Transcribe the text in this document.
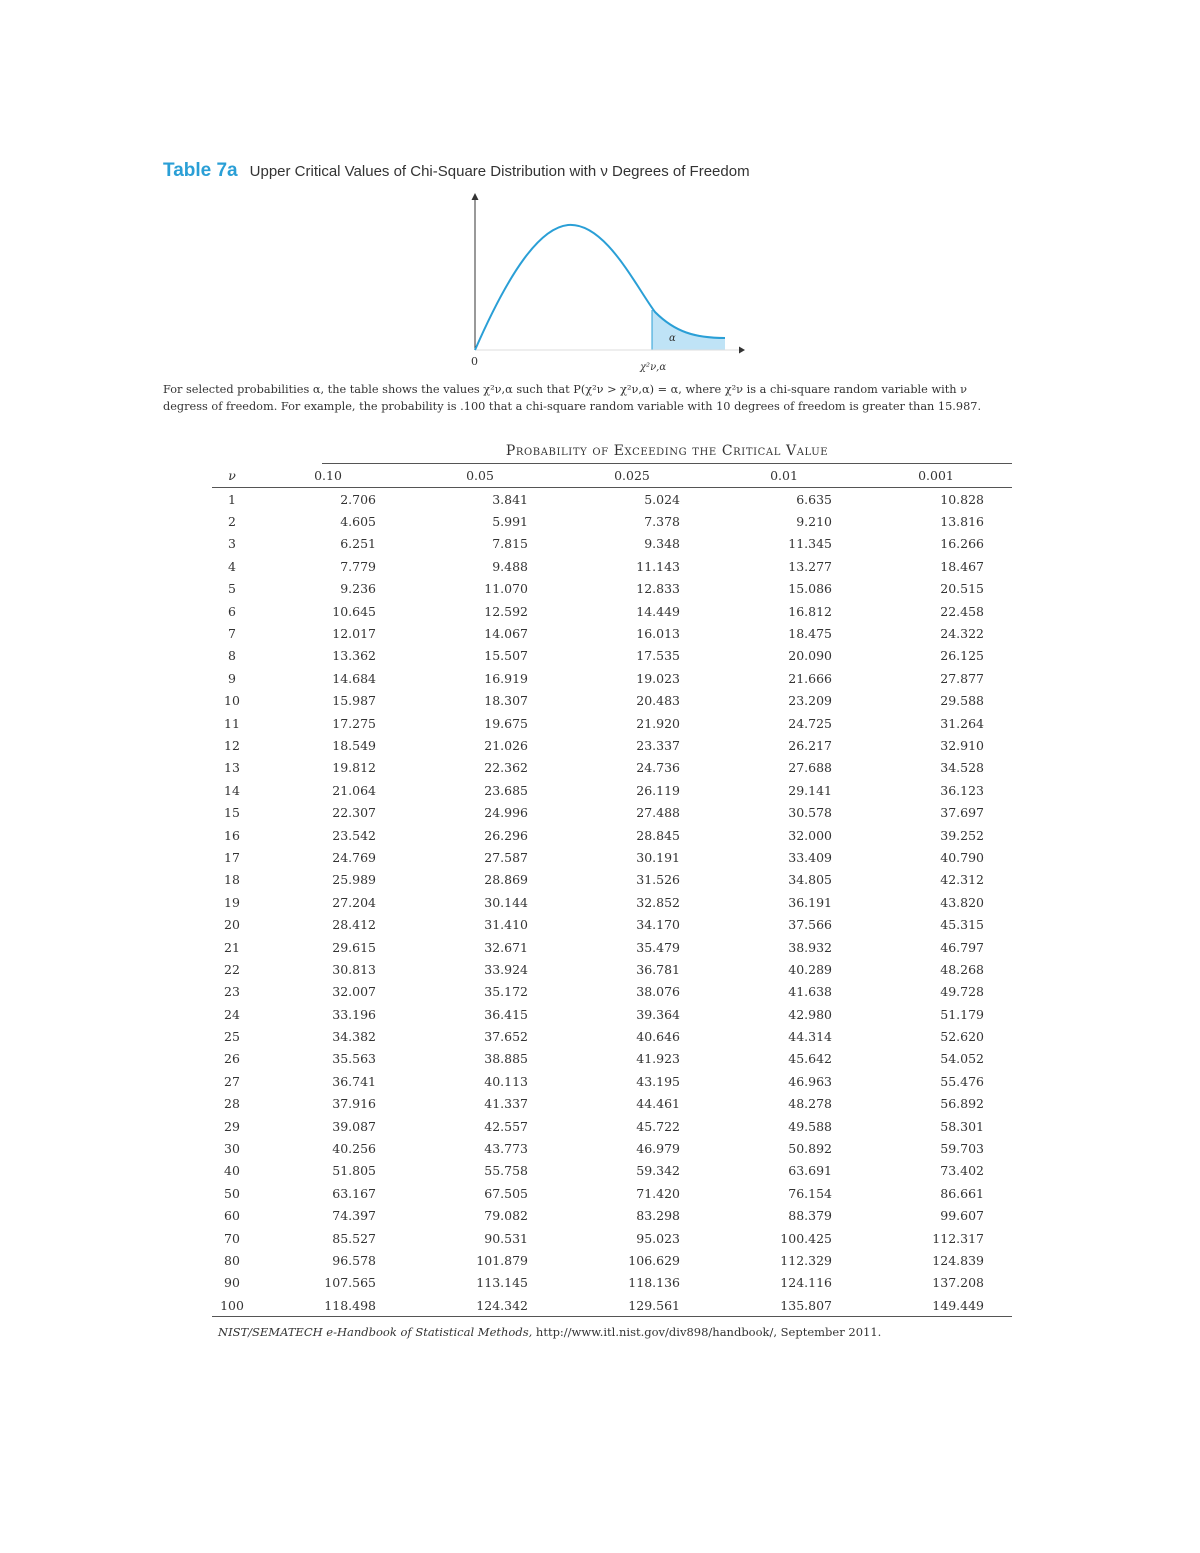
Table 7a Upper Critical Values of Chi-Square Distribution with ν Degrees of Freedom
0
α
χ²ν,α
For selected probabilities α, the table shows the values χ²ν,α such that P(χ²ν > χ²ν,α) = α, where χ²ν is a chi-square random variable with ν
degress of freedom. For example, the probability is .100 that a chi-square random variable with 10 degrees of freedom is greater than 15.987.
Probability of Exceeding the Critical Value
ν	0.10	0.05	0.025	0.01	0.001
1	2.706	3.841	5.024	6.635	10.828
2	4.605	5.991	7.378	9.210	13.816
3	6.251	7.815	9.348	11.345	16.266
4	7.779	9.488	11.143	13.277	18.467
5	9.236	11.070	12.833	15.086	20.515
6	10.645	12.592	14.449	16.812	22.458
7	12.017	14.067	16.013	18.475	24.322
8	13.362	15.507	17.535	20.090	26.125
9	14.684	16.919	19.023	21.666	27.877
10	15.987	18.307	20.483	23.209	29.588
11	17.275	19.675	21.920	24.725	31.264
12	18.549	21.026	23.337	26.217	32.910
13	19.812	22.362	24.736	27.688	34.528
14	21.064	23.685	26.119	29.141	36.123
15	22.307	24.996	27.488	30.578	37.697
16	23.542	26.296	28.845	32.000	39.252
17	24.769	27.587	30.191	33.409	40.790
18	25.989	28.869	31.526	34.805	42.312
19	27.204	30.144	32.852	36.191	43.820
20	28.412	31.410	34.170	37.566	45.315
21	29.615	32.671	35.479	38.932	46.797
22	30.813	33.924	36.781	40.289	48.268
23	32.007	35.172	38.076	41.638	49.728
24	33.196	36.415	39.364	42.980	51.179
25	34.382	37.652	40.646	44.314	52.620
26	35.563	38.885	41.923	45.642	54.052
27	36.741	40.113	43.195	46.963	55.476
28	37.916	41.337	44.461	48.278	56.892
29	39.087	42.557	45.722	49.588	58.301
30	40.256	43.773	46.979	50.892	59.703
40	51.805	55.758	59.342	63.691	73.402
50	63.167	67.505	71.420	76.154	86.661
60	74.397	79.082	83.298	88.379	99.607
70	85.527	90.531	95.023	100.425	112.317
80	96.578	101.879	106.629	112.329	124.839
90	107.565	113.145	118.136	124.116	137.208
100	118.498	124.342	129.561	135.807	149.449
NIST/SEMATECH e-Handbook of Statistical Methods, http://www.itl.nist.gov/div898/handbook/, September 2011.
